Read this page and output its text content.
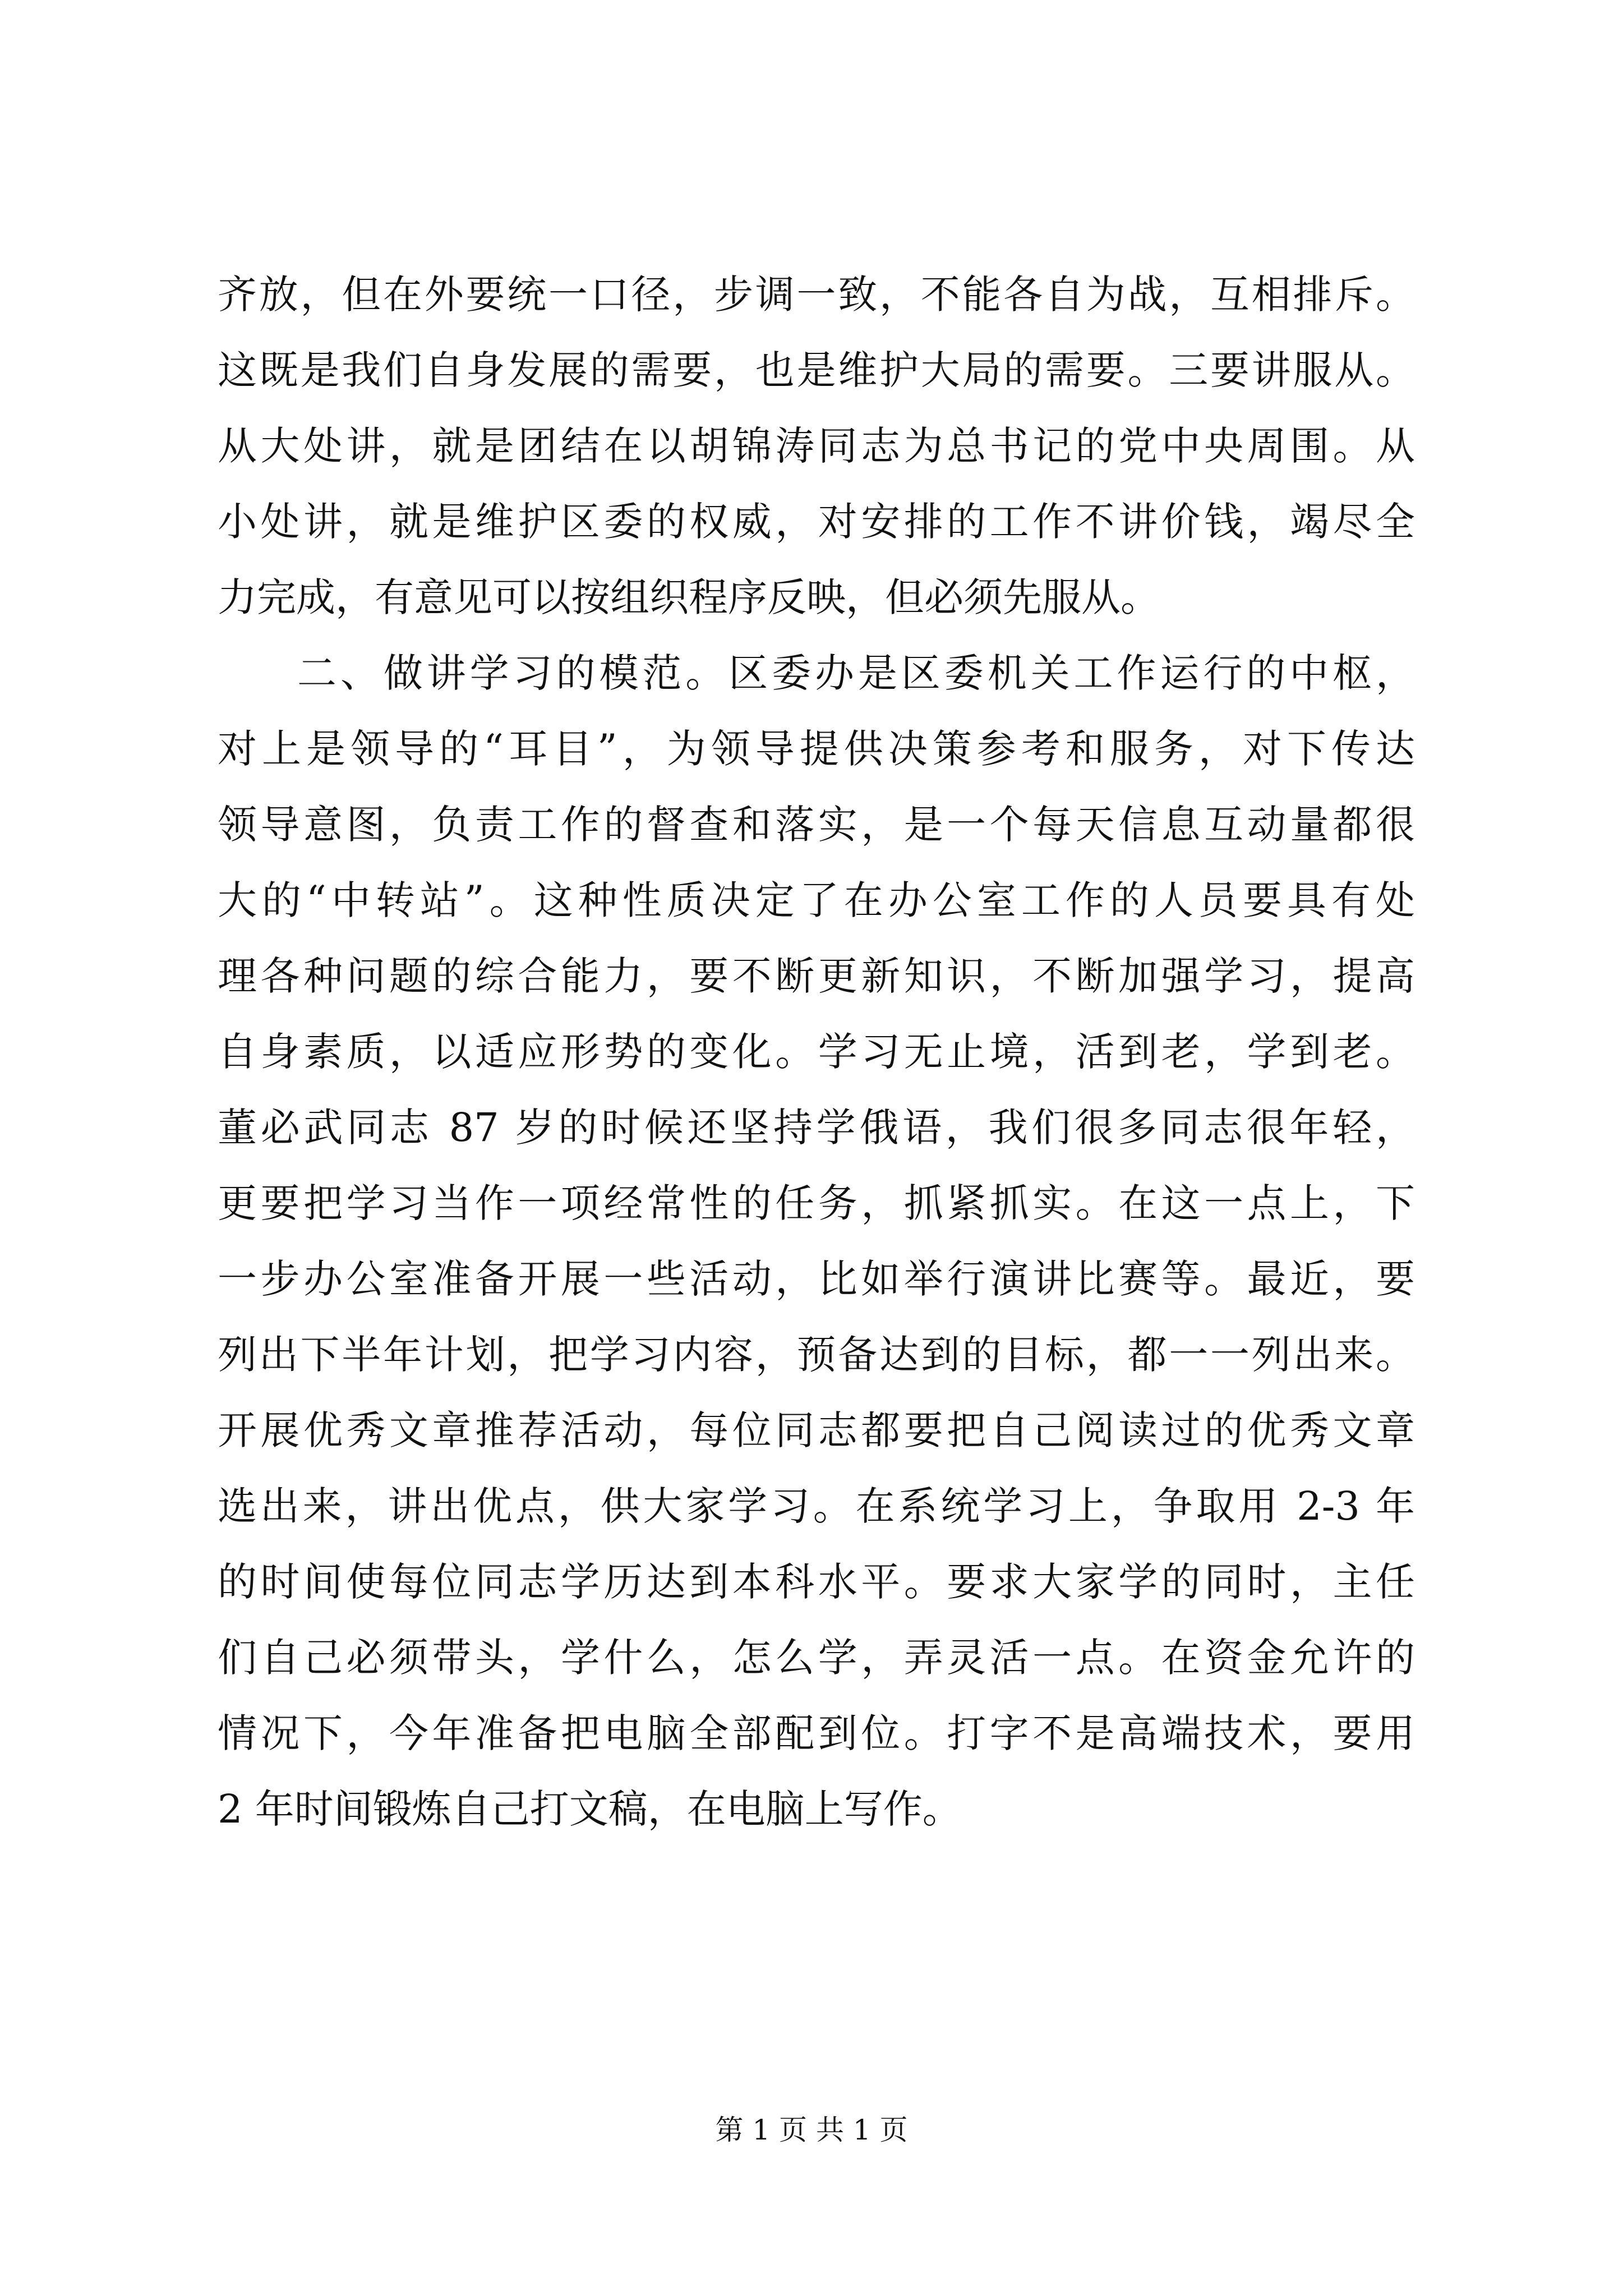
齐放，但在外要统一口径，步调一致，不能各自为战，互相排斥。
这既是我们自身发展的需要，也是维护大局的需要。三要讲服从。
从大处讲，就是团结在以胡锦涛同志为总书记的党中央周围。从
小处讲，就是维护区委的权威，对安排的工作不讲价钱，竭尽全
力完成，有意见可以按组织程序反映，但必须先服从。
二、做讲学习的模范。区委办是区委机关工作运行的中枢，
对上是领导的“耳目”，为领导提供决策参考和服务，对下传达
领导意图，负责工作的督查和落实，是一个每天信息互动量都很
大的“中转站”。这种性质决定了在办公室工作的人员要具有处
理各种问题的综合能力，要不断更新知识，不断加强学习，提高
自身素质，以适应形势的变化。学习无止境，活到老，学到老。
董必武同志 87 岁的时候还坚持学俄语，我们很多同志很年轻，
更要把学习当作一项经常性的任务，抓紧抓实。在这一点上，下
一步办公室准备开展一些活动，比如举行演讲比赛等。最近，要
列出下半年计划，把学习内容，预备达到的目标，都一一列出来。
开展优秀文章推荐活动，每位同志都要把自己阅读过的优秀文章
选出来，讲出优点，供大家学习。在系统学习上，争取用 2-3 年
的时间使每位同志学历达到本科水平。要求大家学的同时，主任
们自己必须带头，学什么，怎么学，弄灵活一点。在资金允许的
情况下，今年准备把电脑全部配到位。打字不是高端技术，要用
2 年时间锻炼自己打文稿，在电脑上写作。
第 1 页 共 1 页
